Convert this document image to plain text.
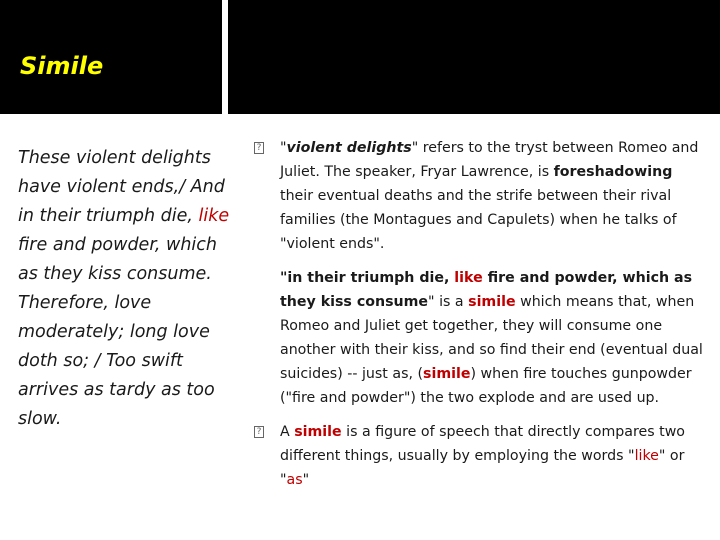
Simile

These violent delights have violent ends,/ And in their triumph die, like fire and powder, which as they kiss consume. Therefore, love moderately; long love doth so; / Too swift arrives as tardy as too slow.

? "violent delights" refers to the tryst between Romeo and Juliet. The speaker, Fryar Lawrence, is foreshadowing their eventual deaths and the strife between their rival families (the Montagues and Capulets) when he talks of "violent ends".

"in their triumph die, like fire and powder, which as they kiss consume" is a simile which means that, when Romeo and Juliet get together, they will consume one another with their kiss, and so find their end (eventual dual suicides) -- just as, (simile) when fire touches gunpowder ("fire and powder") the two explode and are used up.

? A simile is a figure of speech that directly compares two different things, usually by employing the words "like" or "as"
